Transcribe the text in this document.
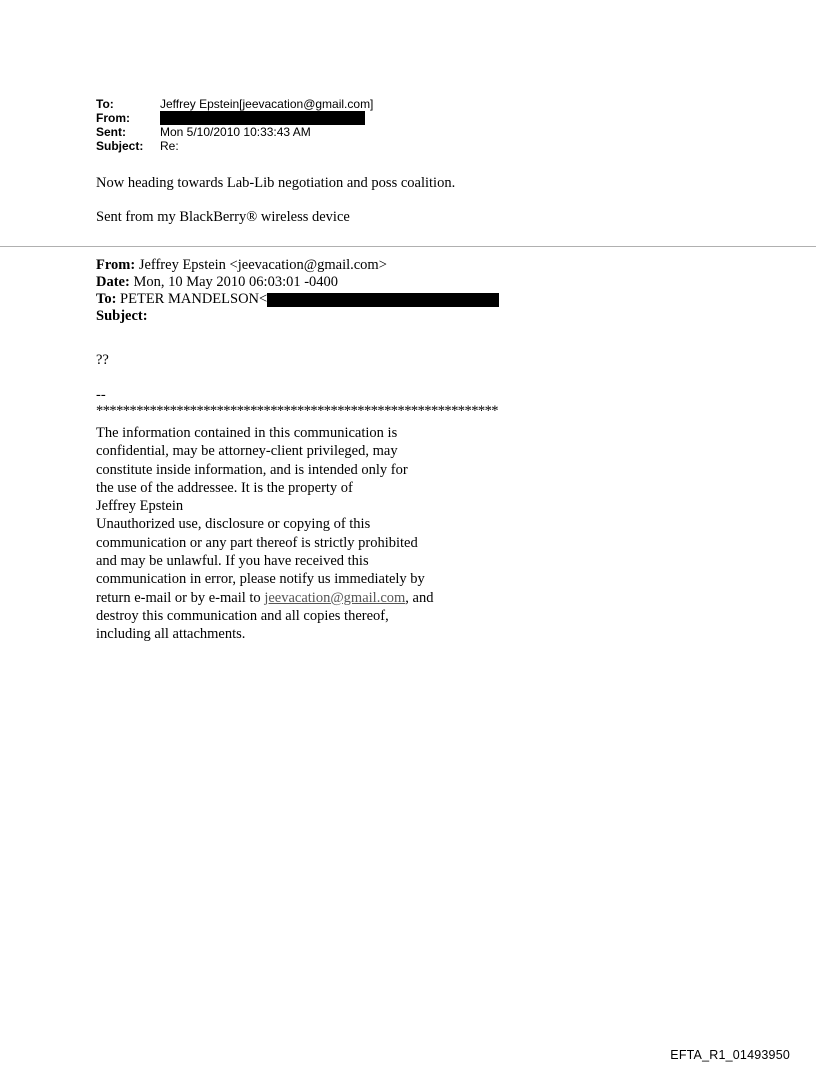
To:	Jeffrey Epstein[jeevacation@gmail.com]
From:
Sent:	Mon 5/10/2010 10:33:43 AM
Subject:	Re:
Now heading towards Lab-Lib negotiation and poss coalition.
Sent from my BlackBerry® wireless device
From: Jeffrey Epstein <jeevacation@gmail.com>
Date: Mon, 10 May 2010 06:03:01 -0400
To: PETER MANDELSON<
Subject:
??
--
************************************************************
The information contained in this communication is
confidential, may be attorney-client privileged, may
constitute inside information, and is intended only for
the use of the addressee. It is the property of
Jeffrey Epstein
Unauthorized use, disclosure or copying of this
communication or any part thereof is strictly prohibited
and may be unlawful. If you have received this
communication in error, please notify us immediately by
return e-mail or by e-mail to jeevacation@gmail.com, and
destroy this communication and all copies thereof,
including all attachments.
EFTA_R1_01493950
